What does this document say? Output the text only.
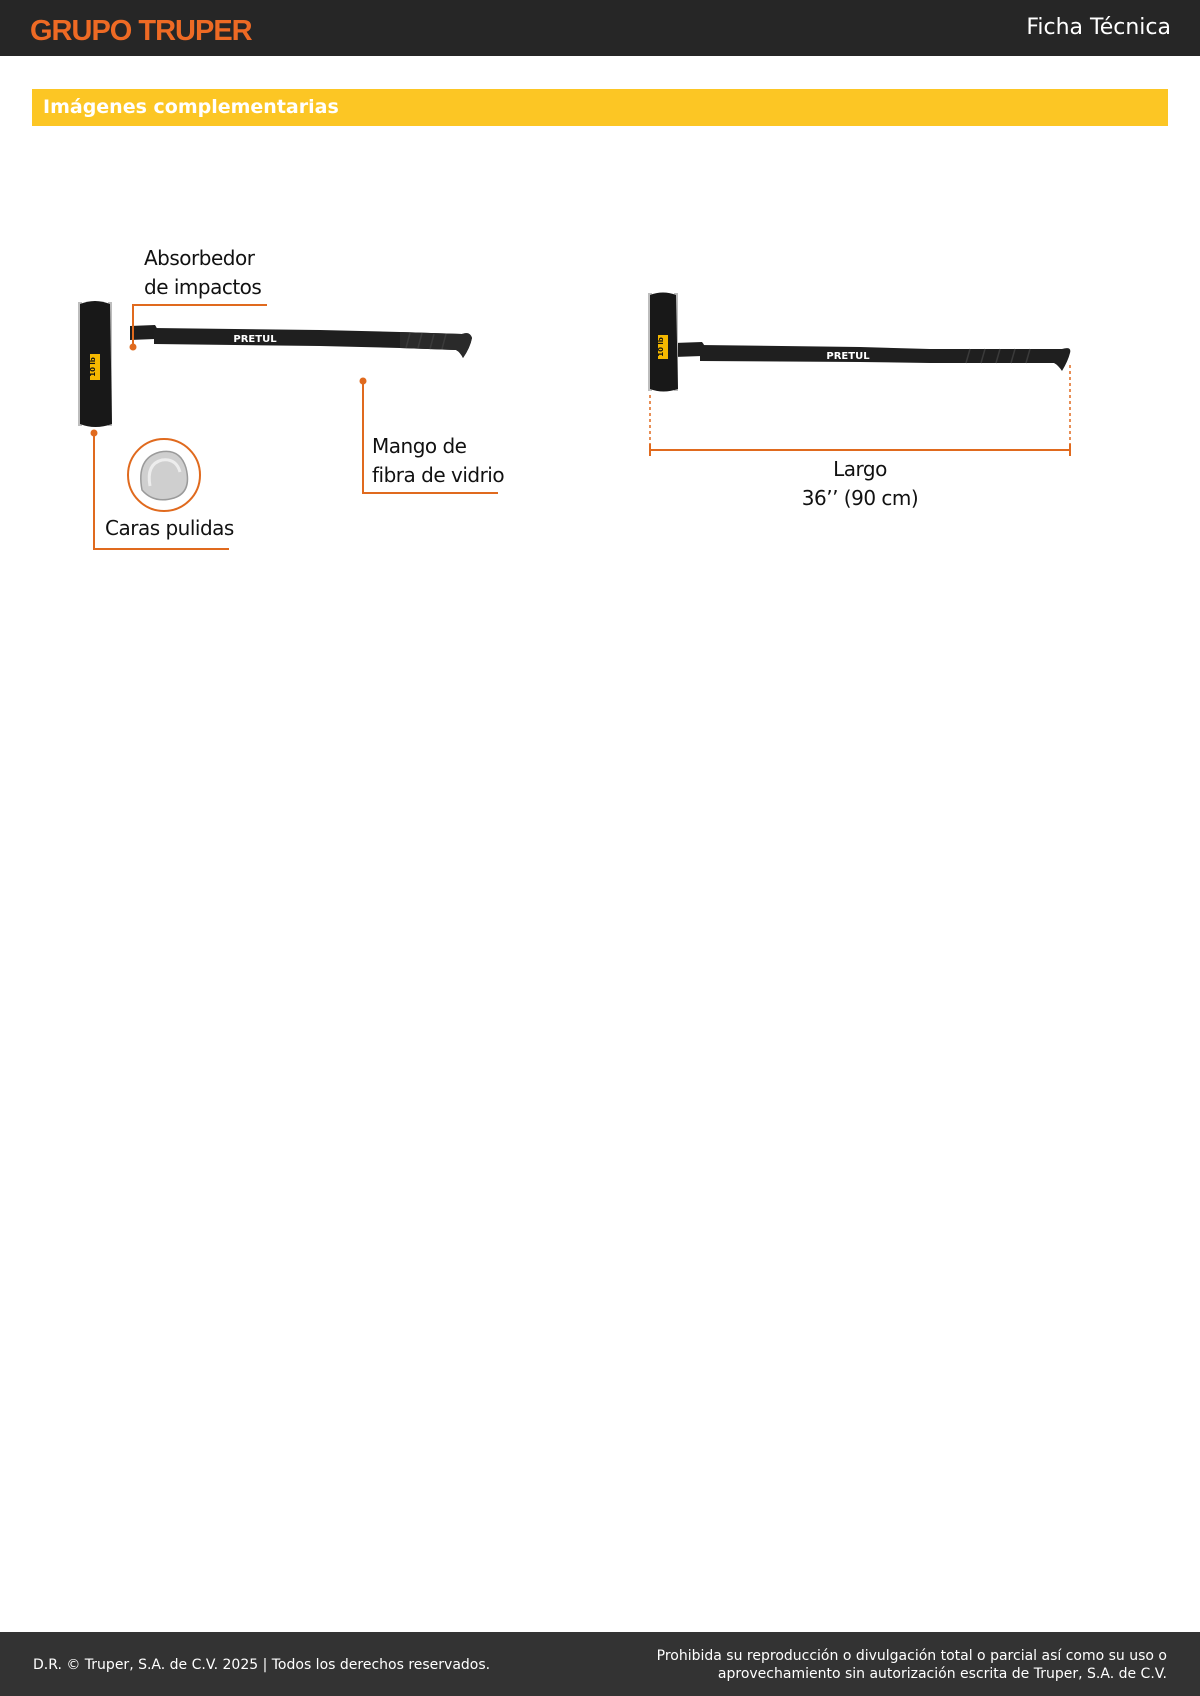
GRUPO TRUPER	Ficha Técnica
Imágenes complementarias
PRETUL
10 lb
Absorbedor
de impactos
Mango de
fibra de vidrio
Caras pulidas
PRETUL
10 lb
Largo
36’’ (90 cm)
D.R. © Truper, S.A. de C.V. 2025 | Todos los derechos reservados.
Prohibida su reproducción o divulgación total o parcial así como su uso o
aprovechamiento sin autorización escrita de Truper, S.A. de C.V.
